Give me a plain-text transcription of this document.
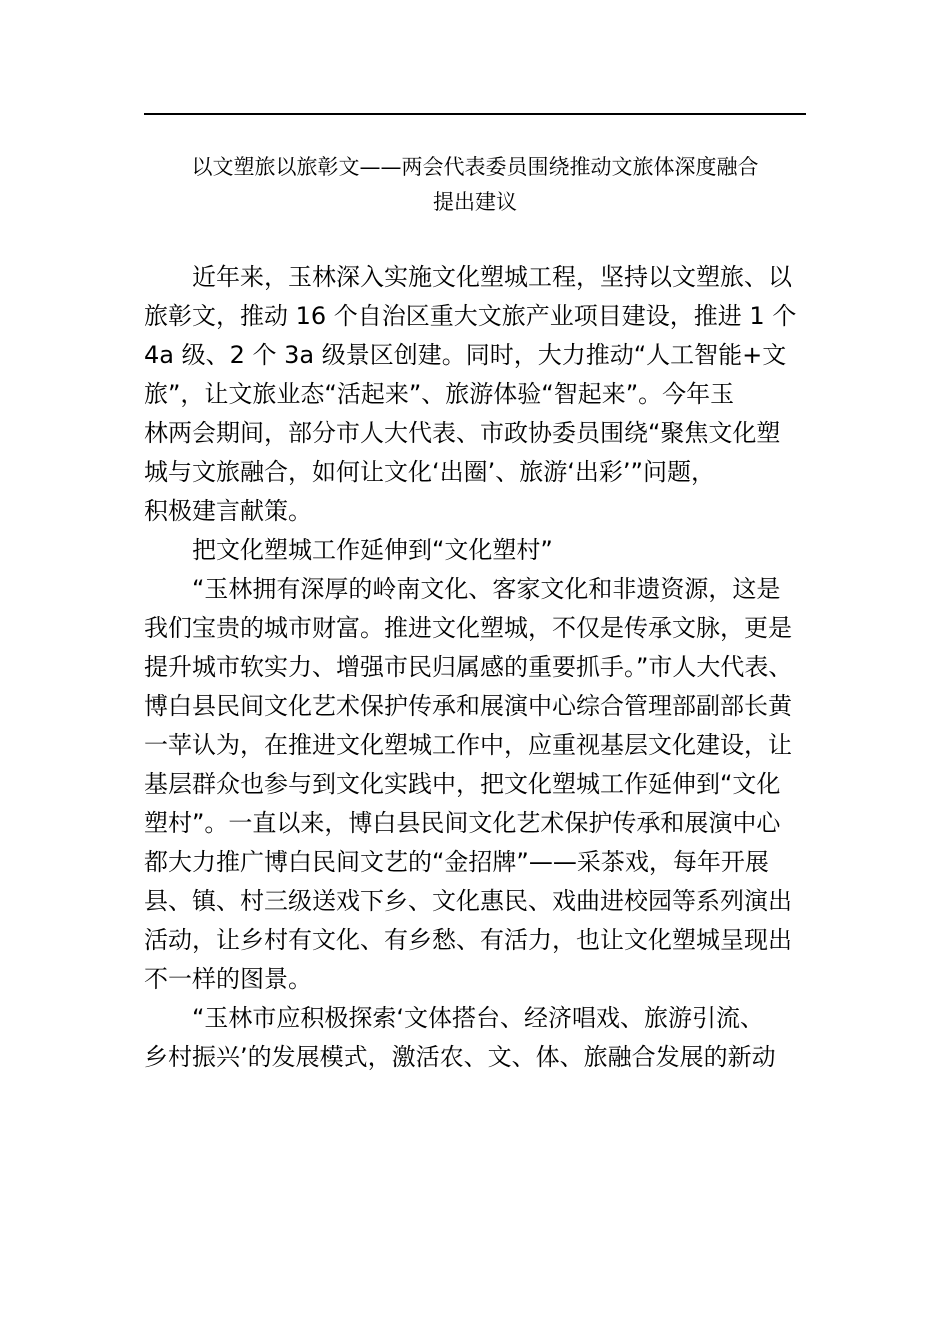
以文塑旅以旅彰文——两会代表委员围绕推动文旅体深度融合
提出建议

近年来，玉林深入实施文化塑城工程，坚持以文塑旅、以
旅彰文，推动 16 个自治区重大文旅产业项目建设，推进 1 个
4a 级、2 个 3a 级景区创建。同时，大力推动“人工智能+文
旅”，让文旅业态“活起来”、旅游体验“智起来”。今年玉
林两会期间，部分市人大代表、市政协委员围绕“聚焦文化塑
城与文旅融合，如何让文化‘出圈’、旅游‘出彩’”问题，
积极建言献策。

把文化塑城工作延伸到“文化塑村”

“玉林拥有深厚的岭南文化、客家文化和非遗资源，这是
我们宝贵的城市财富。推进文化塑城，不仅是传承文脉，更是
提升城市软实力、增强市民归属感的重要抓手。”市人大代表、
博白县民间文化艺术保护传承和展演中心综合管理部副部长黄
一苹认为，在推进文化塑城工作中，应重视基层文化建设，让
基层群众也参与到文化实践中，把文化塑城工作延伸到“文化
塑村”。一直以来，博白县民间文化艺术保护传承和展演中心
都大力推广博白民间文艺的“金招牌”——采茶戏，每年开展
县、镇、村三级送戏下乡、文化惠民、戏曲进校园等系列演出
活动，让乡村有文化、有乡愁、有活力，也让文化塑城呈现出
不一样的图景。

“玉林市应积极探索‘文体搭台、经济唱戏、旅游引流、
乡村振兴’的发展模式，激活农、文、体、旅融合发展的新动
